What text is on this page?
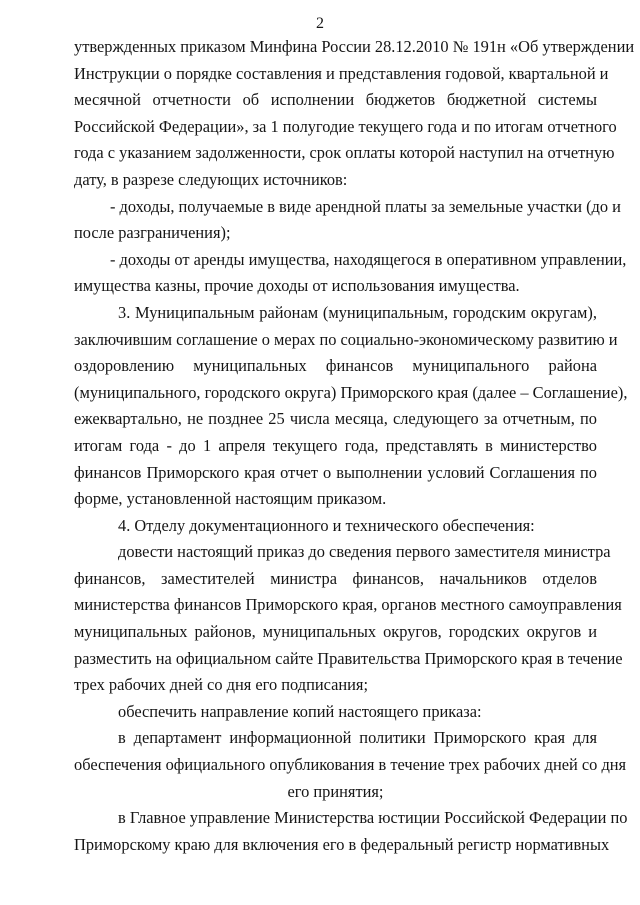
2
утвержденных приказом Минфина России 28.12.2010 № 191н «Об утверждении
Инструкции о порядке составления и представления годовой, квартальной и
месячной отчетности об исполнении бюджетов бюджетной системы
Российской Федерации», за 1 полугодие текущего года и по итогам отчетного
года с указанием задолженности, срок оплаты которой наступил на отчетную
дату, в разрезе следующих источников:
- доходы, получаемые в виде арендной платы за земельные участки (до и
после разграничения);
- доходы от аренды имущества, находящегося в оперативном управлении,
имущества казны, прочие доходы от использования имущества.
3. Муниципальным районам (муниципальным, городским округам),
заключившим соглашение о мерах по социально-экономическому развитию и
оздоровлению муниципальных финансов муниципального района
(муниципального, городского округа) Приморского края (далее – Соглашение),
ежеквартально, не позднее 25 числа месяца, следующего за отчетным, по
итогам года - до 1 апреля текущего года, представлять в министерство
финансов Приморского края отчет о выполнении условий Соглашения по
форме, установленной настоящим приказом.
4. Отделу документационного и технического обеспечения:
довести настоящий приказ до сведения первого заместителя министра
финансов, заместителей министра финансов, начальников отделов
министерства финансов Приморского края, органов местного самоуправления
муниципальных районов, муниципальных округов, городских округов и
разместить на официальном сайте Правительства Приморского края в течение
трех рабочих дней со дня его подписания;
обеспечить направление копий настоящего приказа:
в департамент информационной политики Приморского края для
обеспечения официального опубликования в течение трех рабочих дней со дня
его принятия;
в Главное управление Министерства юстиции Российской Федерации по
Приморскому краю для включения его в федеральный регистр нормативных
